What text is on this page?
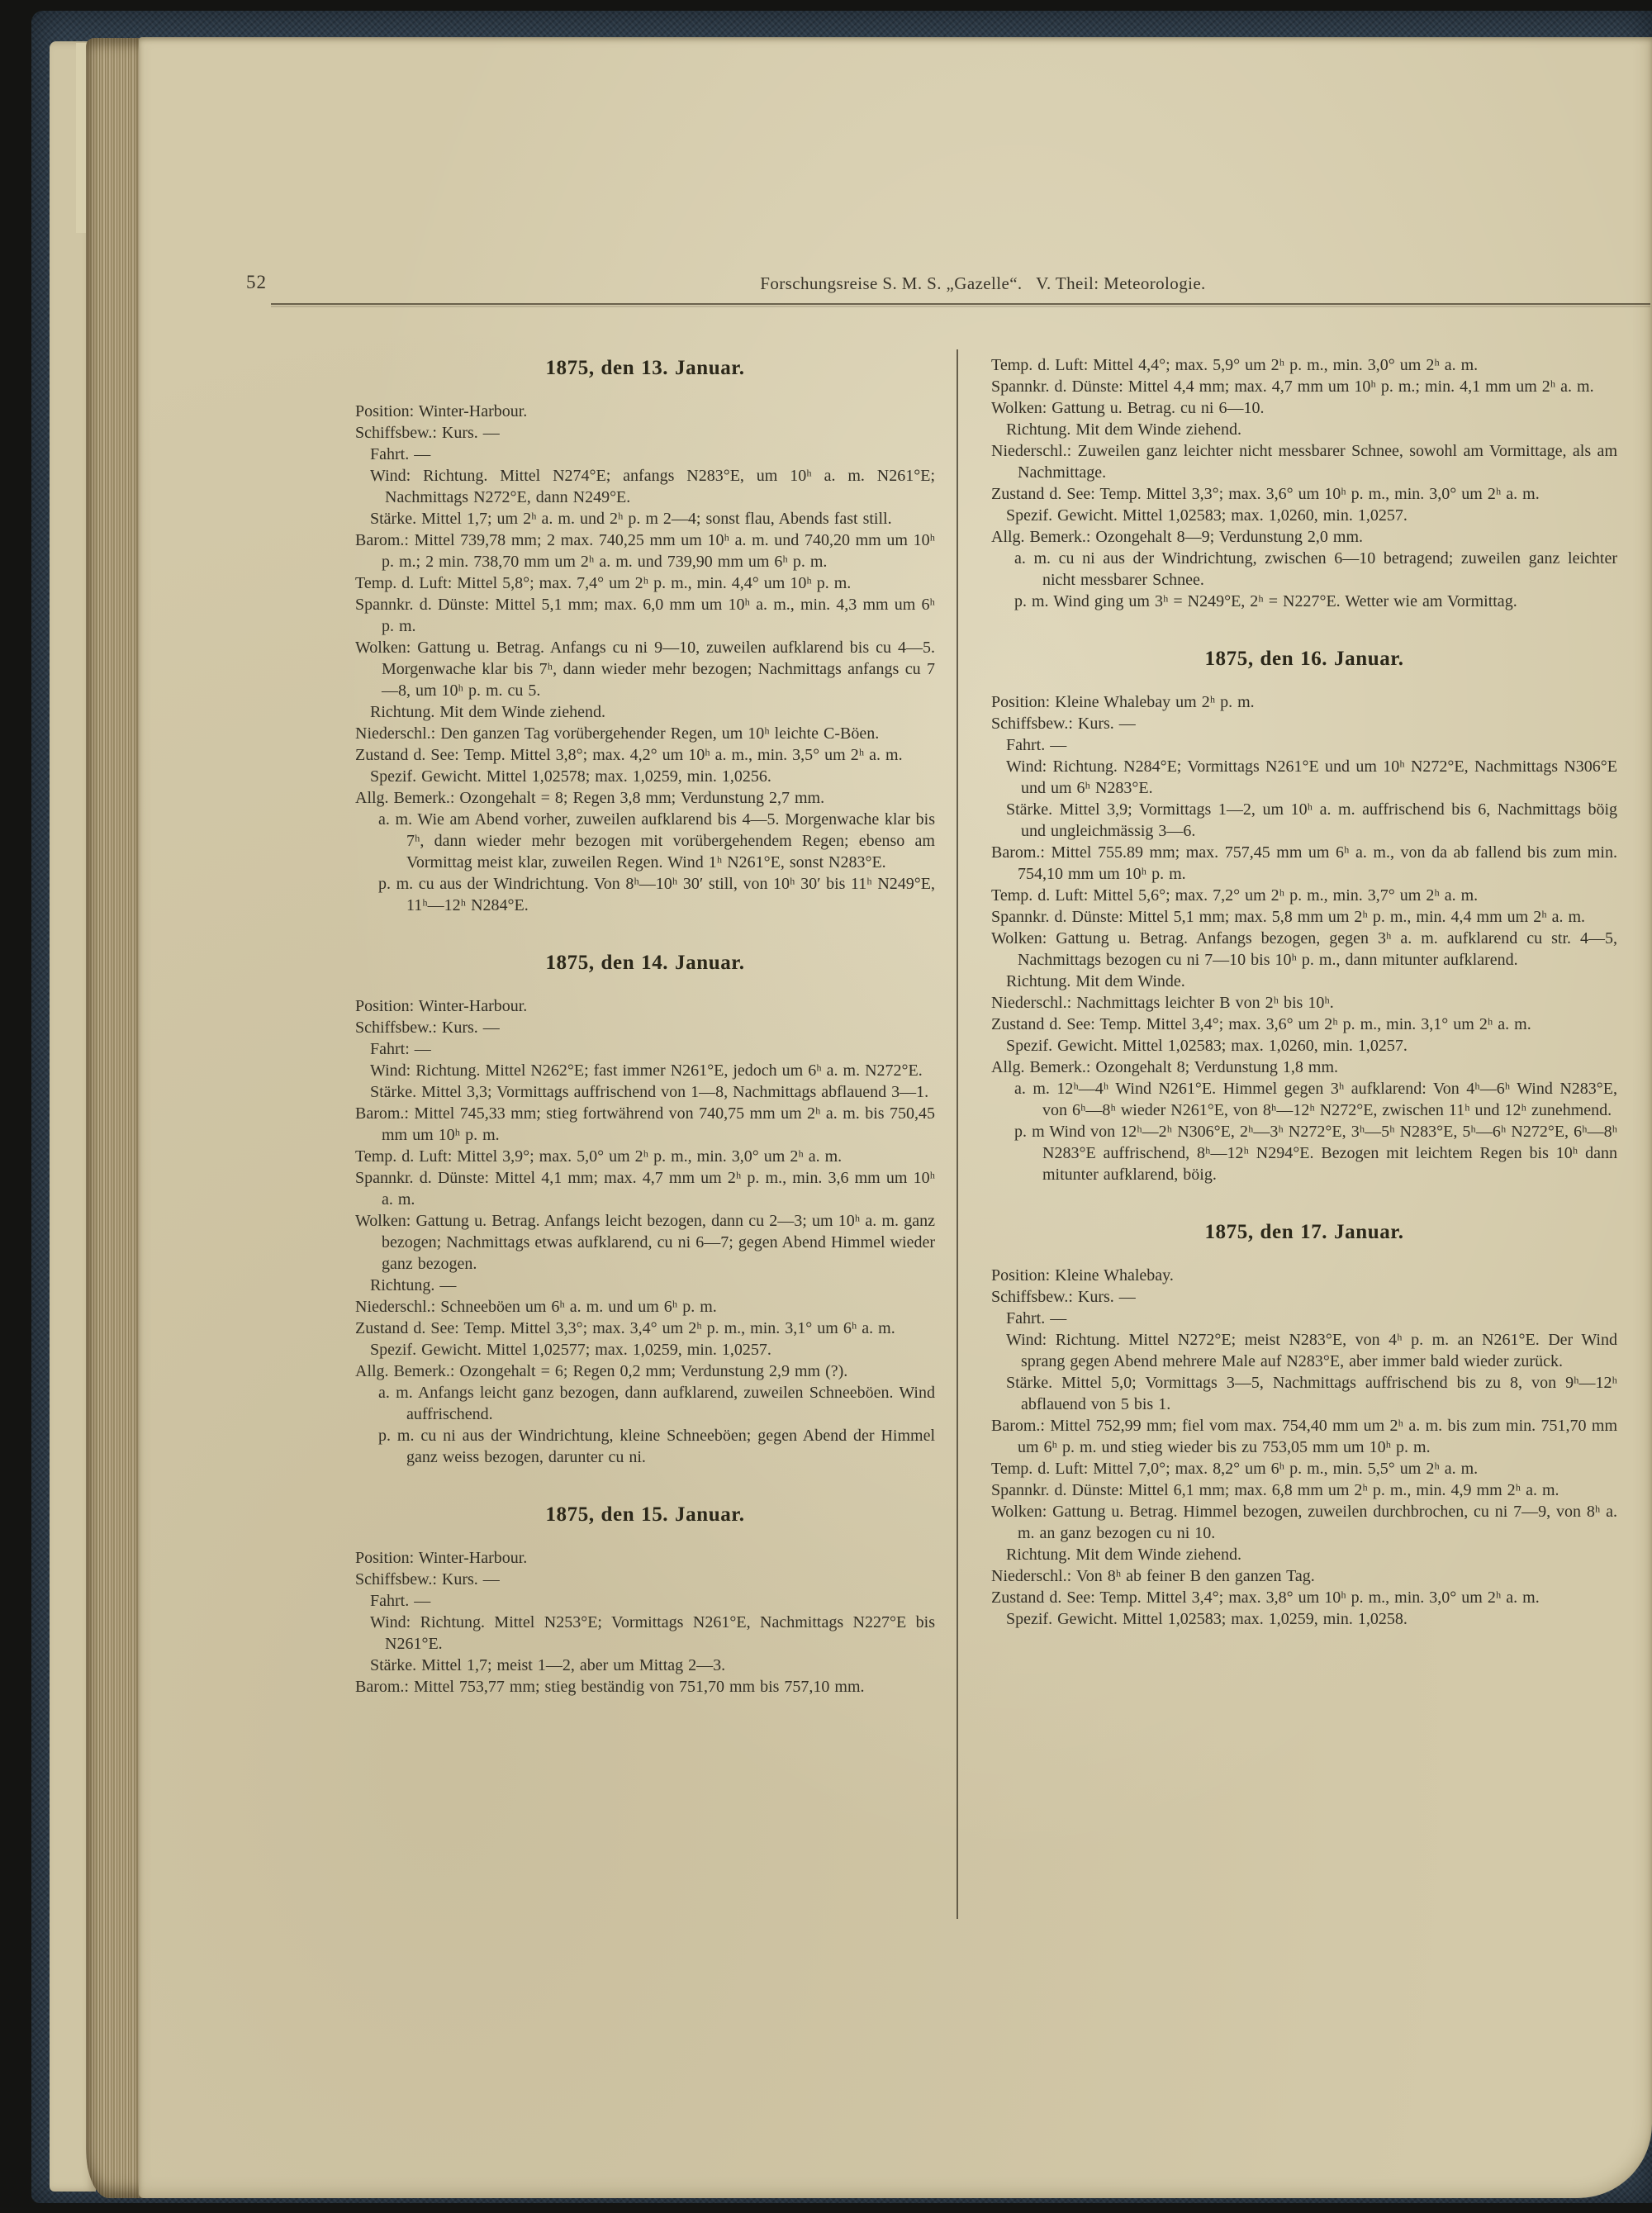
52	Forschungsreise S. M. S. „Gazelle“.   V. Theil: Meteorologie.
1875, den 13. Januar.
Position: Winter-Harbour.
Schiffsbew.: Kurs. —
Fahrt. —
Wind: Richtung. Mittel N274°E; anfangs N283°E, um 10ʰ a. m. N261°E; Nachmittags N272°E, dann N249°E.
Stärke. Mittel 1,7; um 2ʰ a. m. und 2ʰ p. m 2—4; sonst flau, Abends fast still.
Barom.: Mittel 739,78 mm; 2 max. 740,25 mm um 10ʰ a. m. und 740,20 mm um 10ʰ p. m.; 2 min. 738,70 mm um 2ʰ a. m. und 739,90 mm um 6ʰ p. m.
Temp. d. Luft: Mittel 5,8°; max. 7,4° um 2ʰ p. m., min. 4,4° um 10ʰ p. m.
Spannkr. d. Dünste: Mittel 5,1 mm; max. 6,0 mm um 10ʰ a. m., min. 4,3 mm um 6ʰ p. m.
Wolken: Gattung u. Betrag. Anfangs cu ni 9—10, zuweilen aufklarend bis cu 4—5. Morgenwache klar bis 7ʰ, dann wieder mehr bezogen; Nachmittags anfangs cu 7—8, um 10ʰ p. m. cu 5.
Richtung. Mit dem Winde ziehend.
Niederschl.: Den ganzen Tag vorübergehender Regen, um 10ʰ leichte C-Böen.
Zustand d. See: Temp. Mittel 3,8°; max. 4,2° um 10ʰ a. m., min. 3,5° um 2ʰ a. m.
Spezif. Gewicht. Mittel 1,02578; max. 1,0259, min. 1,0256.
Allg. Bemerk.: Ozongehalt = 8; Regen 3,8 mm; Verdunstung 2,7 mm.
a. m. Wie am Abend vorher, zuweilen aufklarend bis 4—5. Morgenwache klar bis 7ʰ, dann wieder mehr bezogen mit vorübergehendem Regen; ebenso am Vormittag meist klar, zuweilen Regen. Wind 1ʰ N261°E, sonst N283°E.
p. m. cu aus der Windrichtung. Von 8ʰ—10ʰ 30′ still, von 10ʰ 30′ bis 11ʰ N249°E, 11ʰ—12ʰ N284°E.
1875, den 14. Januar.
Position: Winter-Harbour.
Schiffsbew.: Kurs. —
Fahrt: —
Wind: Richtung. Mittel N262°E; fast immer N261°E, jedoch um 6ʰ a. m. N272°E.
Stärke. Mittel 3,3; Vormittags auffrischend von 1—8, Nachmittags abflauend 3—1.
Barom.: Mittel 745,33 mm; stieg fortwährend von 740,75 mm um 2ʰ a. m. bis 750,45 mm um 10ʰ p. m.
Temp. d. Luft: Mittel 3,9°; max. 5,0° um 2ʰ p. m., min. 3,0° um 2ʰ a. m.
Spannkr. d. Dünste: Mittel 4,1 mm; max. 4,7 mm um 2ʰ p. m., min. 3,6 mm um 10ʰ a. m.
Wolken: Gattung u. Betrag. Anfangs leicht bezogen, dann cu 2—3; um 10ʰ a. m. ganz bezogen; Nachmittags etwas aufklarend, cu ni 6—7; gegen Abend Himmel wieder ganz bezogen.
Richtung. —
Niederschl.: Schneeböen um 6ʰ a. m. und um 6ʰ p. m.
Zustand d. See: Temp. Mittel 3,3°; max. 3,4° um 2ʰ p. m., min. 3,1° um 6ʰ a. m.
Spezif. Gewicht. Mittel 1,02577; max. 1,0259, min. 1,0257.
Allg. Bemerk.: Ozongehalt = 6; Regen 0,2 mm; Verdunstung 2,9 mm (?).
a. m. Anfangs leicht ganz bezogen, dann aufklarend, zuweilen Schneeböen. Wind auffrischend.
p. m. cu ni aus der Windrichtung, kleine Schneeböen; gegen Abend der Himmel ganz weiss bezogen, darunter cu ni.
1875, den 15. Januar.
Position: Winter-Harbour.
Schiffsbew.: Kurs. —
Fahrt. —
Wind: Richtung. Mittel N253°E; Vormittags N261°E, Nachmittags N227°E bis N261°E.
Stärke. Mittel 1,7; meist 1—2, aber um Mittag 2—3.
Barom.: Mittel 753,77 mm; stieg beständig von 751,70 mm bis 757,10 mm.
Temp. d. Luft: Mittel 4,4°; max. 5,9° um 2ʰ p. m., min. 3,0° um 2ʰ a. m.
Spannkr. d. Dünste: Mittel 4,4 mm; max. 4,7 mm um 10ʰ p. m.; min. 4,1 mm um 2ʰ a. m.
Wolken: Gattung u. Betrag. cu ni 6—10.
Richtung. Mit dem Winde ziehend.
Niederschl.: Zuweilen ganz leichter nicht messbarer Schnee, sowohl am Vormittage, als am Nachmittage.
Zustand d. See: Temp. Mittel 3,3°; max. 3,6° um 10ʰ p. m., min. 3,0° um 2ʰ a. m.
Spezif. Gewicht. Mittel 1,02583; max. 1,0260, min. 1,0257.
Allg. Bemerk.: Ozongehalt 8—9; Verdunstung 2,0 mm.
a. m. cu ni aus der Windrichtung, zwischen 6—10 betragend; zuweilen ganz leichter nicht messbarer Schnee.
p. m. Wind ging um 3ʰ = N249°E, 2ʰ = N227°E. Wetter wie am Vormittag.
1875, den 16. Januar.
Position: Kleine Whalebay um 2ʰ p. m.
Schiffsbew.: Kurs. —
Fahrt. —
Wind: Richtung. N284°E; Vormittags N261°E und um 10ʰ N272°E, Nachmittags N306°E und um 6ʰ N283°E.
Stärke. Mittel 3,9; Vormittags 1—2, um 10ʰ a. m. auffrischend bis 6, Nachmittags böig und ungleichmässig 3—6.
Barom.: Mittel 755.89 mm; max. 757,45 mm um 6ʰ a. m., von da ab fallend bis zum min. 754,10 mm um 10ʰ p. m.
Temp. d. Luft: Mittel 5,6°; max. 7,2° um 2ʰ p. m., min. 3,7° um 2ʰ a. m.
Spannkr. d. Dünste: Mittel 5,1 mm; max. 5,8 mm um 2ʰ p. m., min. 4,4 mm um 2ʰ a. m.
Wolken: Gattung u. Betrag. Anfangs bezogen, gegen 3ʰ a. m. aufklarend cu str. 4—5, Nachmittags bezogen cu ni 7—10 bis 10ʰ p. m., dann mitunter aufklarend.
Richtung. Mit dem Winde.
Niederschl.: Nachmittags leichter B von 2ʰ bis 10ʰ.
Zustand d. See: Temp. Mittel 3,4°; max. 3,6° um 2ʰ p. m., min. 3,1° um 2ʰ a. m.
Spezif. Gewicht. Mittel 1,02583; max. 1,0260, min. 1,0257.
Allg. Bemerk.: Ozongehalt 8; Verdunstung 1,8 mm.
a. m. 12ʰ—4ʰ Wind N261°E. Himmel gegen 3ʰ aufklarend: Von 4ʰ—6ʰ Wind N283°E, von 6ʰ—8ʰ wieder N261°E, von 8ʰ—12ʰ N272°E, zwischen 11ʰ und 12ʰ zunehmend.
p. m Wind von 12ʰ—2ʰ N306°E, 2ʰ—3ʰ N272°E, 3ʰ—5ʰ N283°E, 5ʰ—6ʰ N272°E, 6ʰ—8ʰ N283°E auffrischend, 8ʰ—12ʰ N294°E. Bezogen mit leichtem Regen bis 10ʰ dann mitunter aufklarend, böig.
1875, den 17. Januar.
Position: Kleine Whalebay.
Schiffsbew.: Kurs. —
Fahrt. —
Wind: Richtung. Mittel N272°E; meist N283°E, von 4ʰ p. m. an N261°E. Der Wind sprang gegen Abend mehrere Male auf N283°E, aber immer bald wieder zurück.
Stärke. Mittel 5,0; Vormittags 3—5, Nachmittags auffrischend bis zu 8, von 9ʰ—12ʰ abflauend von 5 bis 1.
Barom.: Mittel 752,99 mm; fiel vom max. 754,40 mm um 2ʰ a. m. bis zum min. 751,70 mm um 6ʰ p. m. und stieg wieder bis zu 753,05 mm um 10ʰ p. m.
Temp. d. Luft: Mittel 7,0°; max. 8,2° um 6ʰ p. m., min. 5,5° um 2ʰ a. m.
Spannkr. d. Dünste: Mittel 6,1 mm; max. 6,8 mm um 2ʰ p. m., min. 4,9 mm 2ʰ a. m.
Wolken: Gattung u. Betrag. Himmel bezogen, zuweilen durchbrochen, cu ni 7—9, von 8ʰ a. m. an ganz bezogen cu ni 10.
Richtung. Mit dem Winde ziehend.
Niederschl.: Von 8ʰ ab feiner B den ganzen Tag.
Zustand d. See: Temp. Mittel 3,4°; max. 3,8° um 10ʰ p. m., min. 3,0° um 2ʰ a. m.
Spezif. Gewicht. Mittel 1,02583; max. 1,0259, min. 1,0258.
